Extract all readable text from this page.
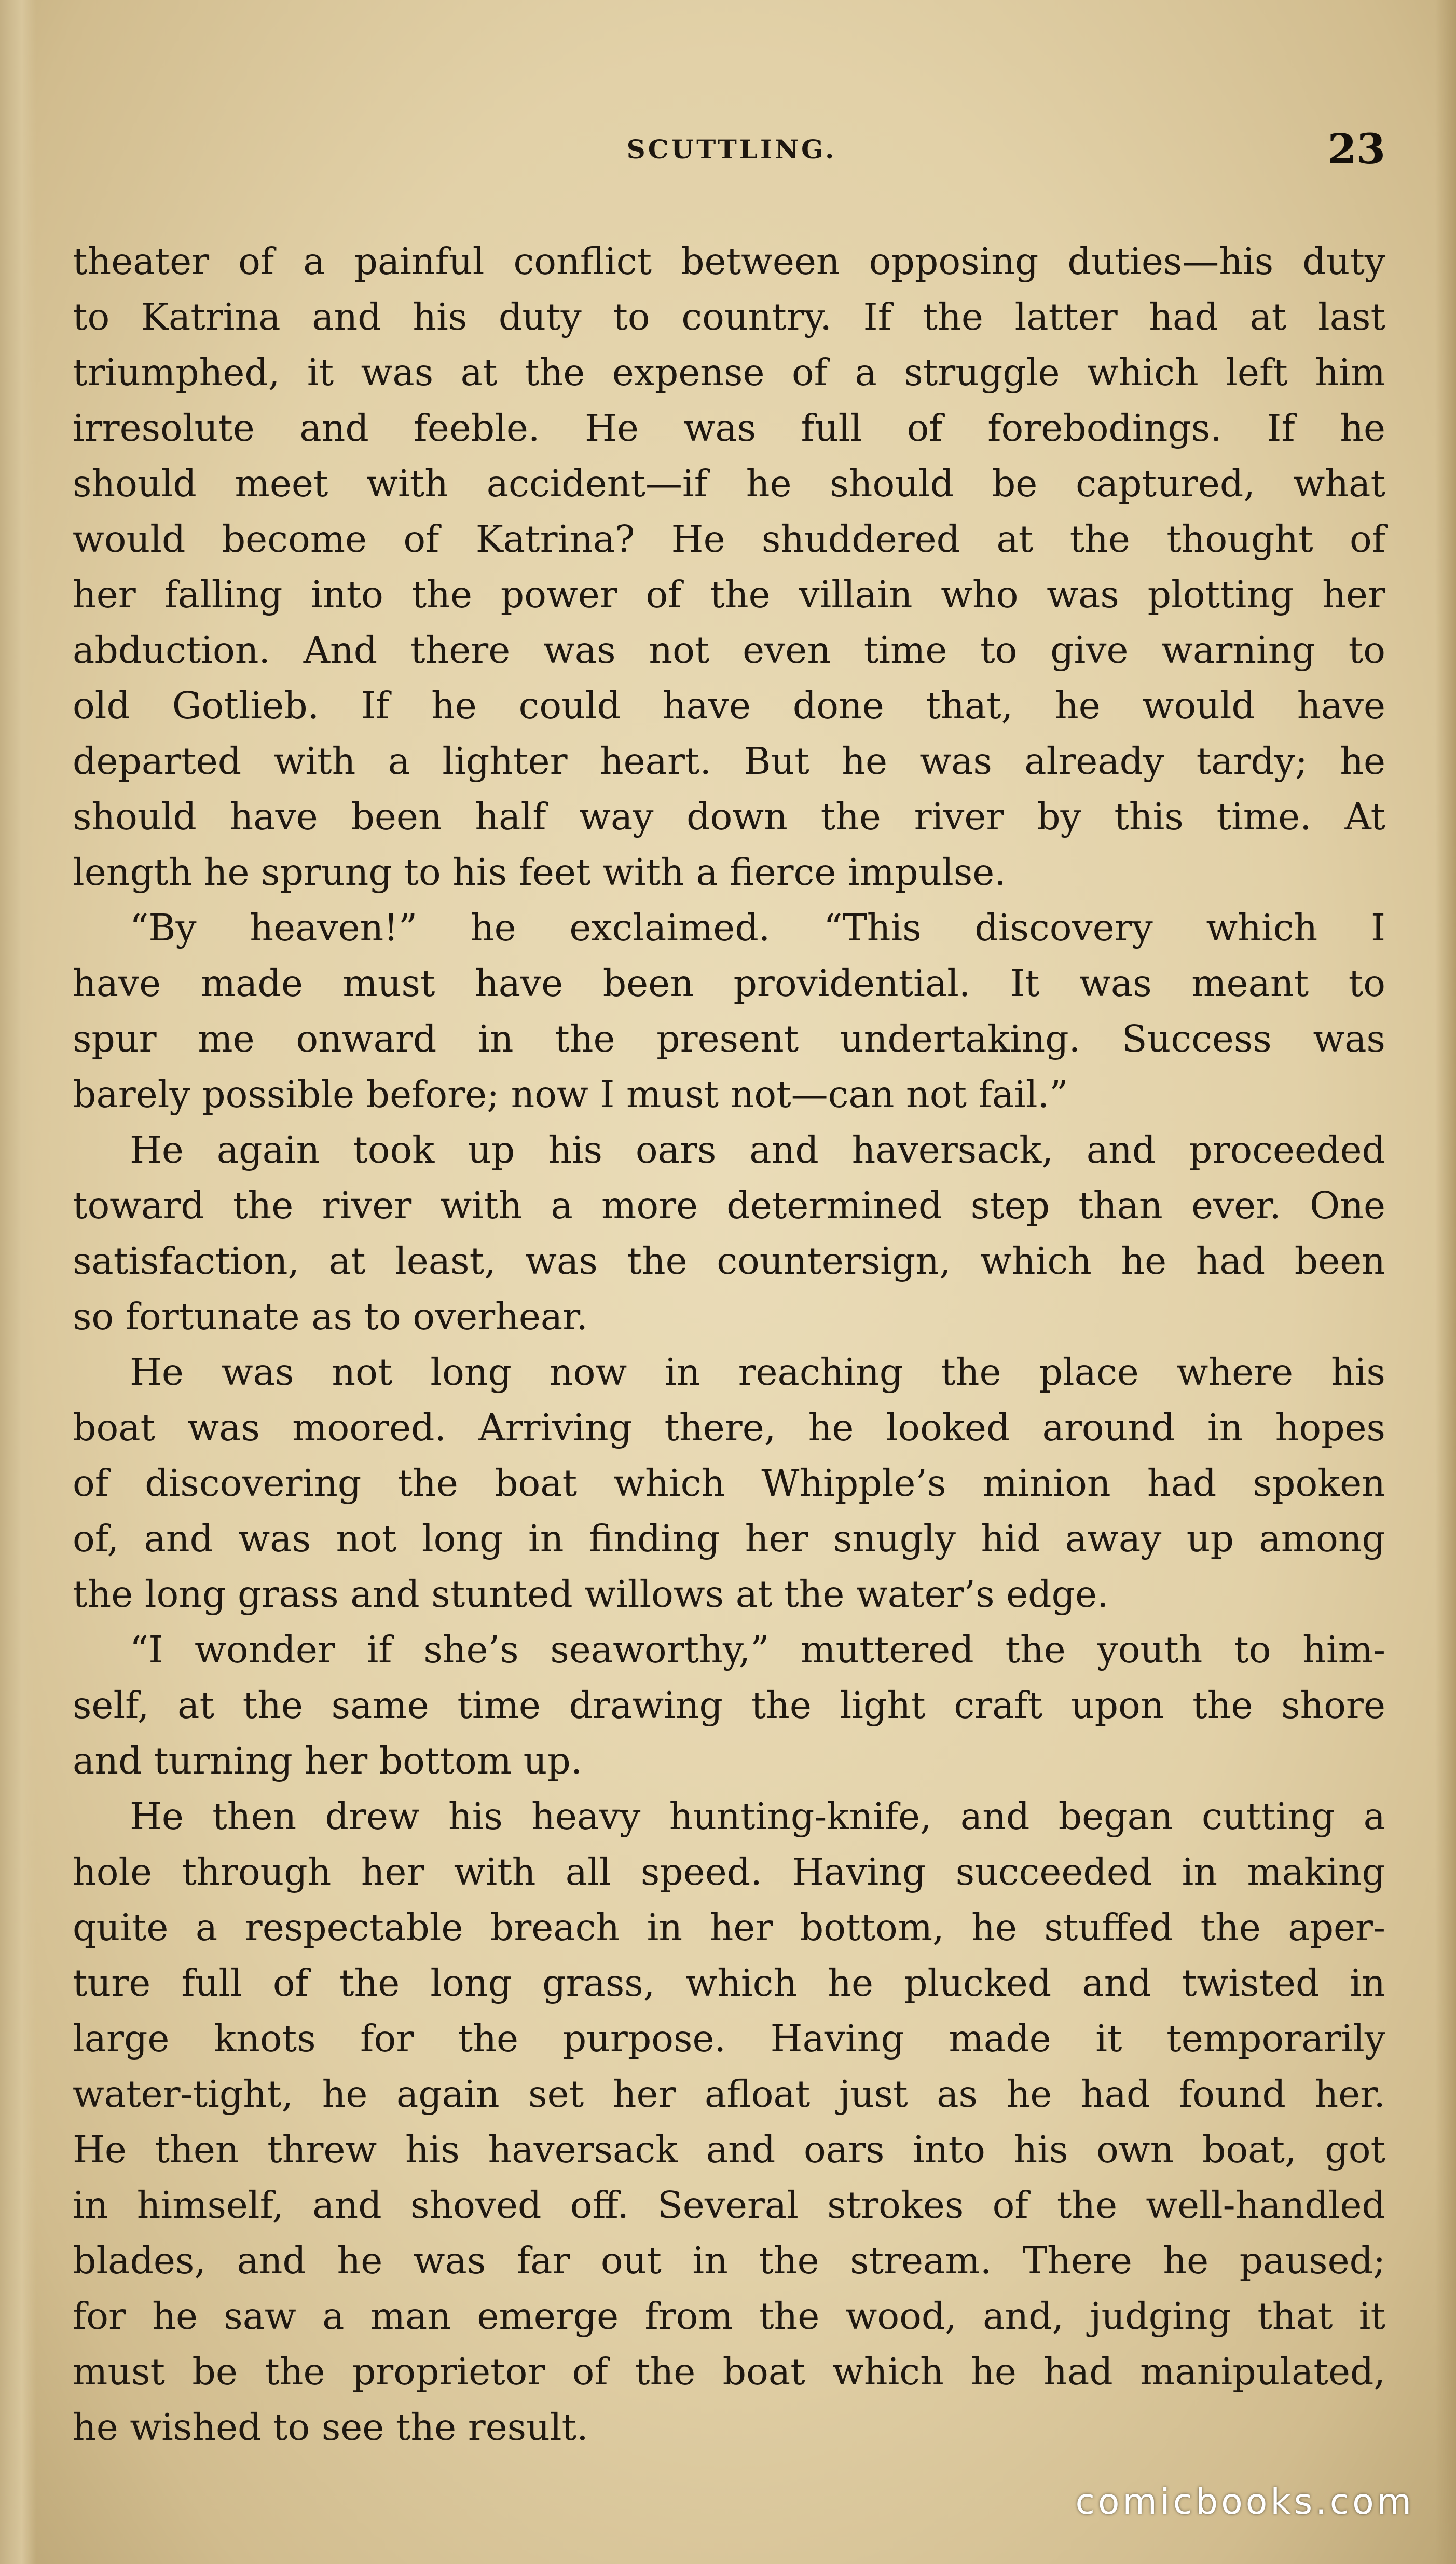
SCUTTLING.	23
theater of a painful conflict between opposing duties—his duty
to Katrina and his duty to country. If the latter had at last
triumphed, it was at the expense of a struggle which left him
irresolute and feeble. He was full of forebodings. If he
should meet with accident—if he should be captured, what
would become of Katrina? He shuddered at the thought of
her falling into the power of the villain who was plotting her
abduction. And there was not even time to give warning to
old Gotlieb. If he could have done that, he would have
departed with a lighter heart. But he was already tardy; he
should have been half way down the river by this time. At
length he sprung to his feet with a fierce impulse.
“By heaven!” he exclaimed. “This discovery which I
have made must have been providential. It was meant to
spur me onward in the present undertaking. Success was
barely possible before; now I must not—can not fail.”
He again took up his oars and haversack, and proceeded
toward the river with a more determined step than ever. One
satisfaction, at least, was the countersign, which he had been
so fortunate as to overhear.
He was not long now in reaching the place where his
boat was moored. Arriving there, he looked around in hopes
of discovering the boat which Whipple’s minion had spoken
of, and was not long in finding her snugly hid away up among
the long grass and stunted willows at the water’s edge.
“I wonder if she’s seaworthy,” muttered the youth to him-
self, at the same time drawing the light craft upon the shore
and turning her bottom up.
He then drew his heavy hunting-knife, and began cutting a
hole through her with all speed. Having succeeded in making
quite a respectable breach in her bottom, he stuffed the aper-
ture full of the long grass, which he plucked and twisted in
large knots for the purpose. Having made it temporarily
water-tight, he again set her afloat just as he had found her.
He then threw his haversack and oars into his own boat, got
in himself, and shoved off. Several strokes of the well-handled
blades, and he was far out in the stream. There he paused;
for he saw a man emerge from the wood, and, judging that it
must be the proprietor of the boat which he had manipulated,
he wished to see the result.
comicbooks.com
